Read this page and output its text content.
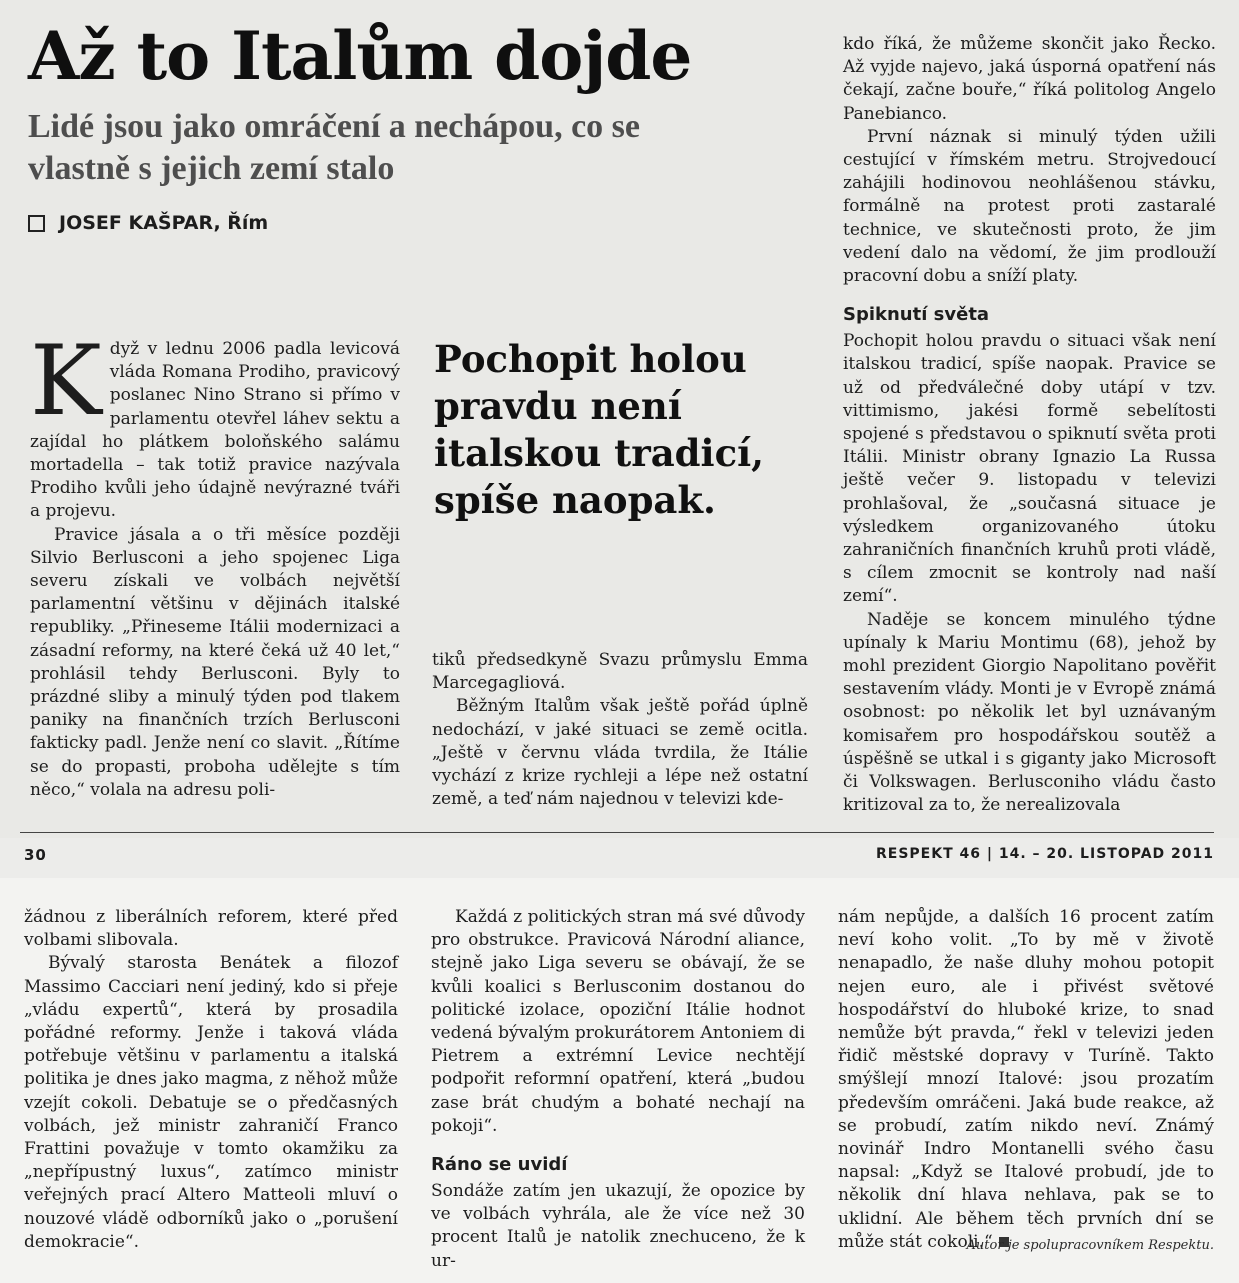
Až to Italům dojde
Lidé jsou jako omráčení a nechápou, co se vlastně s jejich zemí stalo
JOSEF KAŠPAR, Řím

Když v lednu 2006 padla levicová vláda Romana Prodiho, pravicový poslanec Nino Strano si přímo v parlamentu otevřel láhev sektu a zajídal ho plátkem boloňského salámu mortadella – tak totiž pravice nazývala Prodiho kvůli jeho údajně nevýrazné tváři a projevu.

Pravice jásala a o tři měsíce později Silvio Berlusconi a jeho spojenec Liga severu získali ve volbách největší parlamentní většinu v dějinách italské republiky. „Přineseme Itálii modernizaci a zásadní reformy, na které čeká už 40 let,“ prohlásil tehdy Berlusconi. Byly to prázdné sliby a minulý týden pod tlakem paniky na finančních trzích Berlusconi fakticky padl. Jenže není co slavit. „Řítíme se do propasti, proboha udělejte s tím něco,“ volala na adresu poli-

Pochopit holou pravdu není italskou tradicí, spíše naopak.

tiků předsedkyně Svazu průmyslu Emma Marcegagliová.

Běžným Italům však ještě pořád úplně nedochází, v jaké situaci se země ocitla. „Ještě v červnu vláda tvrdila, že Itálie vychází z krize rychleji a lépe než ostatní země, a teď nám najednou v televizi kde-

kdo říká, že můžeme skončit jako Řecko. Až vyjde najevo, jaká úsporná opatření nás čekají, začne bouře,“ říká politolog Angelo Panebianco.

První náznak si minulý týden užili cestující v římském metru. Strojvedoucí zahájili hodinovou neohlášenou stávku, formálně na protest proti zastaralé technice, ve skutečnosti proto, že jim vedení dalo na vědomí, že jim prodlouží pracovní dobu a sníží platy.

Spiknutí světa

Pochopit holou pravdu o situaci však není italskou tradicí, spíše naopak. Pravice se už od předválečné doby utápí v tzv. vittimismo, jakési formě sebelítosti spojené s představou o spiknutí světa proti Itálii. Ministr obrany Ignazio La Russa ještě večer 9. listopadu v televizi prohlašoval, že „současná situace je výsledkem organizovaného útoku zahraničních finančních kruhů proti vládě, s cílem zmocnit se kontroly nad naší zemí“.

Naděje se koncem minulého týdne upínaly k Mariu Montimu (68), jehož by mohl prezident Giorgio Napolitano pověřit sestavením vlády. Monti je v Evropě známá osobnost: po několik let byl uznávaným komisařem pro hospodářskou soutěž a úspěšně se utkal i s giganty jako Microsoft či Volkswagen. Berlusconiho vládu často kritizoval za to, že nerealizovala

30	RESPEKT 46 | 14. – 20. LISTOPAD 2011

žádnou z liberálních reforem, které před volbami slibovala.

Bývalý starosta Benátek a filozof Massimo Cacciari není jediný, kdo si přeje „vládu expertů“, která by prosadila pořádné reformy. Jenže i taková vláda potřebuje většinu v parlamentu a italská politika je dnes jako magma, z něhož může vzejít cokoli. Debatuje se o předčasných volbách, jež ministr zahraničí Franco Frattini považuje v tomto okamžiku za „nepřípustný luxus“, zatímco ministr veřejných prací Altero Matteoli mluví o nouzové vládě odborníků jako o „porušení demokracie“.

Každá z politických stran má své důvody pro obstrukce. Pravicová Národní aliance, stejně jako Liga severu se obávají, že se kvůli koalici s Berlusconim dostanou do politické izolace, opoziční Itálie hodnot vedená bývalým prokurátorem Antoniem di Pietrem a extrémní Levice nechtějí podpořit reformní opatření, která „budou zase brát chudým a bohaté nechají na pokoji“.

Ráno se uvidí

Sondáže zatím jen ukazují, že opozice by ve volbách vyhrála, ale že více než 30 procent Italů je natolik znechuceno, že k ur-

nám nepůjde, a dalších 16 procent zatím neví koho volit. „To by mě v životě nenapadlo, že naše dluhy mohou potopit nejen euro, ale i přivést světové hospodářství do hluboké krize, to snad nemůže být pravda,“ řekl v televizi jeden řidič městské dopravy v Turíně. Takto smýšlejí mnozí Italové: jsou prozatím především omráčeni. Jaká bude reakce, až se probudí, zatím nikdo neví. Známý novinář Indro Montanelli svého času napsal: „Když se Italové probudí, jde to několik dní hlava nehlava, pak se to uklidní. Ale během těch prvních dní se může stát cokoli.“

Autor je spolupracovníkem Respektu.
